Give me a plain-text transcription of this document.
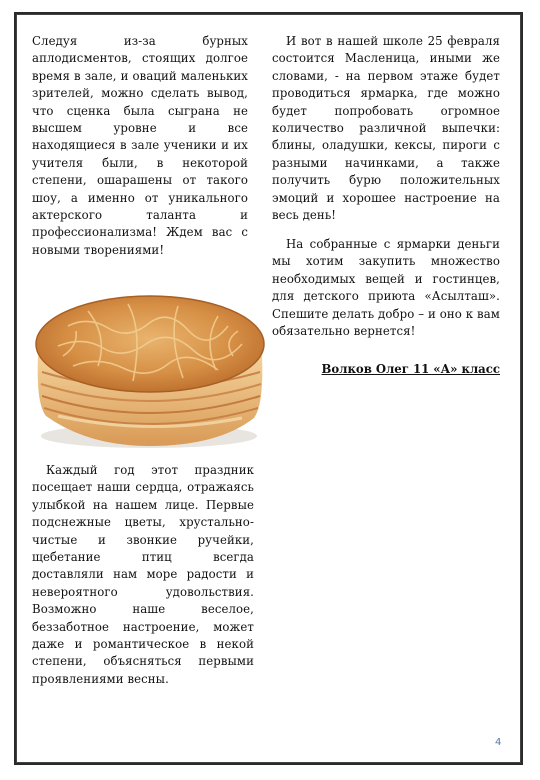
Следуя из-за бурных аплодисментов, стоящих долгое время в зале, и оваций маленьких зрителей, можно сделать вывод, что сценка была сыграна не высшем уровне и все находящиеся в зале ученики и их учителя были, в некоторой степени, ошарашены от такого шоу, а именно от уникального актерского таланта и профессионализма! Ждем вас с новыми творениями!

Каждый год этот праздник посещает наши сердца, отражаясь улыбкой на нашем лице. Первые подснежные цветы, хрустально-чистые и звонкие ручейки, щебетание птиц всегда доставляли нам море радости и невероятного удовольствия. Возможно наше веселое, беззаботное настроение, может даже и романтическое в некой степени, объясняться первыми проявлениями весны.

И вот в нашей школе 25 февраля состоится Масленица, иными же словами, - на первом этаже будет проводиться ярмарка, где можно будет попробовать огромное количество различной выпечки: блины, оладушки, кексы, пироги с разными начинками, а также получить бурю положительных эмоций и хорошее настроение на весь день!

На собранные с ярмарки деньги мы хотим закупить множество необходимых вещей и гостинцев, для детского приюта «Асылташ». Спешите делать добро – и оно к вам обязательно вернется!

Волков Олег 11 «А» класс
4
